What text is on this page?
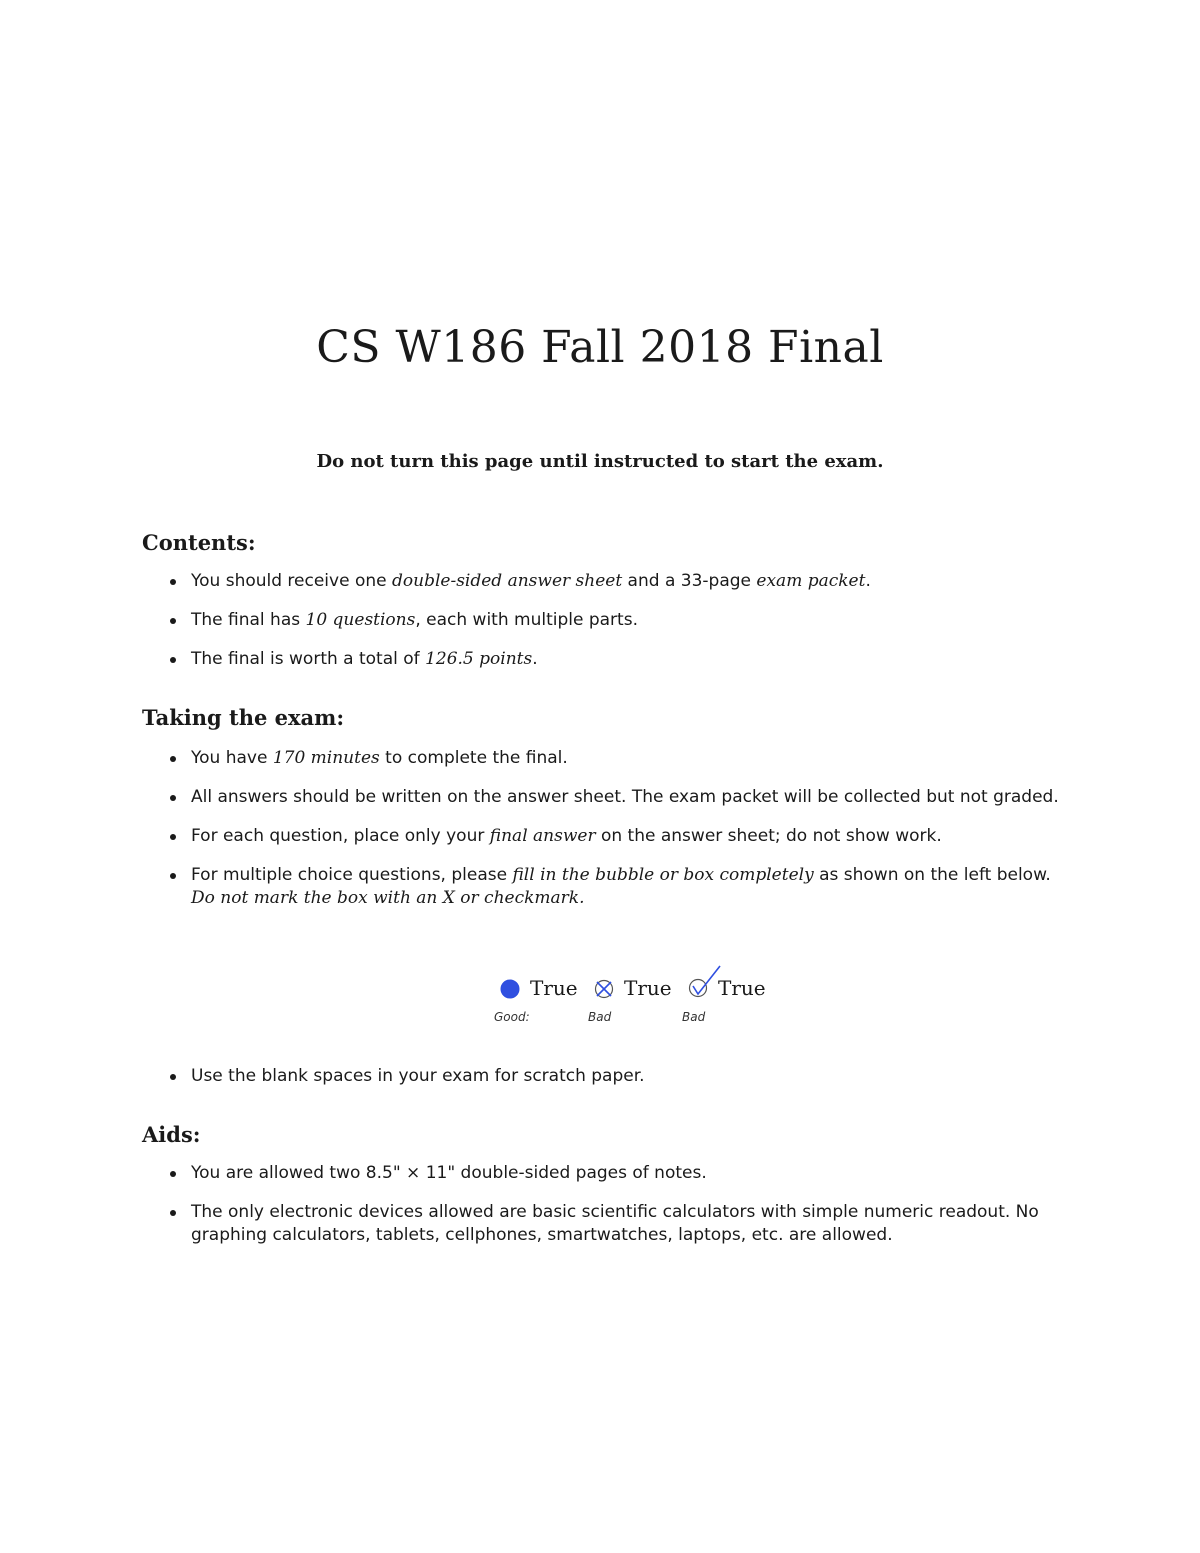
CS W186 Fall 2018 Final

Do not turn this page until instructed to start the exam.

Contents:
You should receive one double-sided answer sheet and a 33-page exam packet.
The final has 10 questions, each with multiple parts.
The final is worth a total of 126.5 points.
Taking the exam:
You have 170 minutes to complete the final.
All answers should be written on the answer sheet. The exam packet will be collected but not graded.
For each question, place only your final answer on the answer sheet; do not show work.
For multiple choice questions, please fill in the bubble or box completely as shown on the left below.
Do not mark the box with an X or checkmark.
True
Good:
True
Bad
True
Bad
Use the blank spaces in your exam for scratch paper.
Aids:
You are allowed two 8.5" × 11" double-sided pages of notes.
The only electronic devices allowed are basic scientific calculators with simple numeric readout. No graphing calculators, tablets, cellphones, smartwatches, laptops, etc. are allowed.
